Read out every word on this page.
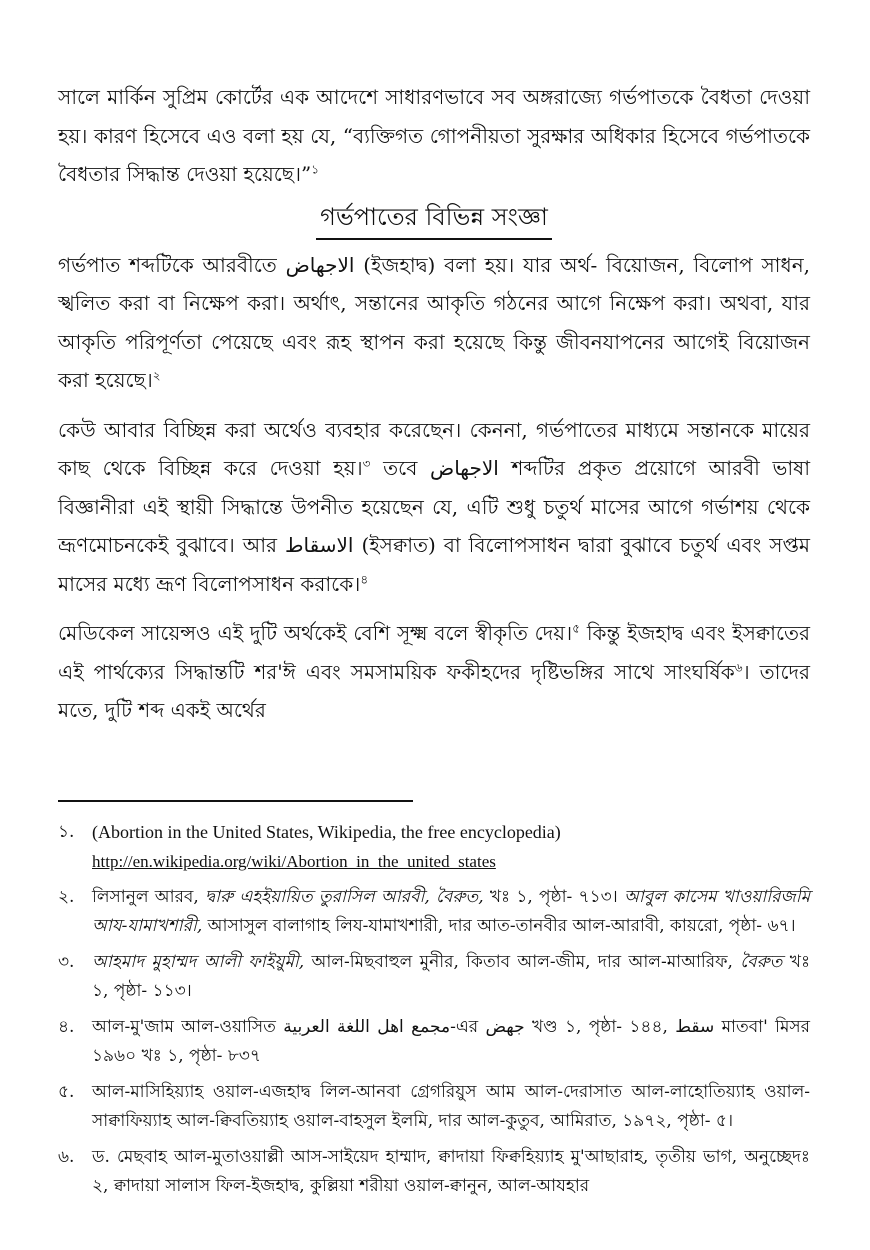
সালে মার্কিন সুপ্রিম কোর্টের এক আদেশে সাধারণভাবে সব অঙ্গরাজ্যে গর্ভপাতকে বৈধতা দেওয়া হয়। কারণ হিসেবে এও বলা হয় যে, “ব্যক্তিগত গোপনীয়তা সুরক্ষার অধিকার হিসেবে গর্ভপাতকে বৈধতার সিদ্ধান্ত দেওয়া হয়েছে।”$^১$

গর্ভপাতের বিভিন্ন সংজ্ঞা

গর্ভপাত শব্দটিকে আরবীতে الاجهاض (ইজহাদ্ব) বলা হয়। যার অর্থ- বিয়োজন, বিলোপ সাধন, স্খলিত করা বা নিক্ষেপ করা। অর্থাৎ, সন্তানের আকৃতি গঠনের আগে নিক্ষেপ করা। অথবা, যার আকৃতি পরিপূর্ণতা পেয়েছে এবং রূহ স্থাপন করা হয়েছে কিন্তু জীবনযাপনের আগেই বিয়োজন করা হয়েছে।$^২$

কেউ আবার বিচ্ছিন্ন করা অর্থেও ব্যবহার করেছেন। কেননা, গর্ভপাতের মাধ্যমে সন্তানকে মায়ের কাছ থেকে বিচ্ছিন্ন করে দেওয়া হয়।$^৩$ তবে الاجهاض শব্দটির প্রকৃত প্রয়োগে আরবী ভাষা বিজ্ঞানীরা এই স্থায়ী সিদ্ধান্তে উপনীত হয়েছেন যে, এটি শুধু চতুর্থ মাসের আগে গর্ভাশয় থেকে ভ্রূণমোচনকেই বুঝাবে। আর الاسقاط (ইসক্বাত) বা বিলোপসাধন দ্বারা বুঝাবে চতুর্থ এবং সপ্তম মাসের মধ্যে ভ্রূণ বিলোপসাধন করাকে।$^৪$

মেডিকেল সায়েন্সও এই দুটি অর্থকেই বেশি সূক্ষ্ম বলে স্বীকৃতি দেয়।$^৫$ কিন্তু ইজহাদ্ব এবং ইসক্বাতের এই পার্থক্যের সিদ্ধান্তটি শর'ঈ এবং সমসাময়িক ফকীহদের দৃষ্টিভঙ্গির সাথে সাংঘর্ষিক$^৬$। তাদের মতে, দুটি শব্দ একই অর্থের

১. (Abortion in the United States, Wikipedia, the free encyclopedia)
http://en.wikipedia.org/wiki/Abortion_in_the_united_states
২.	লিসানুল আরব, দ্বারু এহইয়ায়িত তুরাসিল আরবী, বৈরুত, খঃ ১, পৃষ্ঠা- ৭১৩। আবুল কাসেম খাওয়ারিজমি আয-যামাখশারী, আসাসুল বালাগাহ লিয-যামাখশারী, দার আত-তানবীর আল-আরাবী, কায়রো, পৃষ্ঠা- ৬৭।
৩.	আহমাদ মুহাম্মদ আলী ফাইয়ুমী, আল-মিছবাহুল মুনীর, কিতাব আল-জীম, দার আল-মাআরিফ, বৈরুত খঃ ১, পৃষ্ঠা- ১১৩।
৪.	আল-মু'জাম আল-ওয়াসিত مجمع اهل اللغة العربية-এর جهض খণ্ড ১, পৃষ্ঠা- ১৪৪, سقط মাতবা' মিসর ১৯৬০ খঃ ১, পৃষ্ঠা- ৮৩৭
৫.	আল-মাসিহিয়্যাহ ওয়াল-এজহাদ্ব লিল-আনবা গ্রেগরিয়ুস আম আল-দেরাসাত আল-লাহোতিয়্যাহ ওয়াল-সাক্বাফিয়্যাহ আল-ক্বিবতিয়্যাহ ওয়াল-বাহসুল ইলমি, দার আল-কুতুব, আমিরাত, ১৯৭২, পৃষ্ঠা- ৫।
৬.	ড. মেছবাহ আল-মুতাওয়াল্লী আস-সাইয়েদ হাম্মাদ, ক্বাদায়া ফিক্বহিয়্যাহ মু'আছারাহ, তৃতীয় ভাগ, অনুচ্ছেদঃ ২, ক্বাদায়া সালাস ফিল-ইজহাদ্ব, কুল্লিয়া শরীয়া ওয়াল-ক্বানুন, আল-আযহার
